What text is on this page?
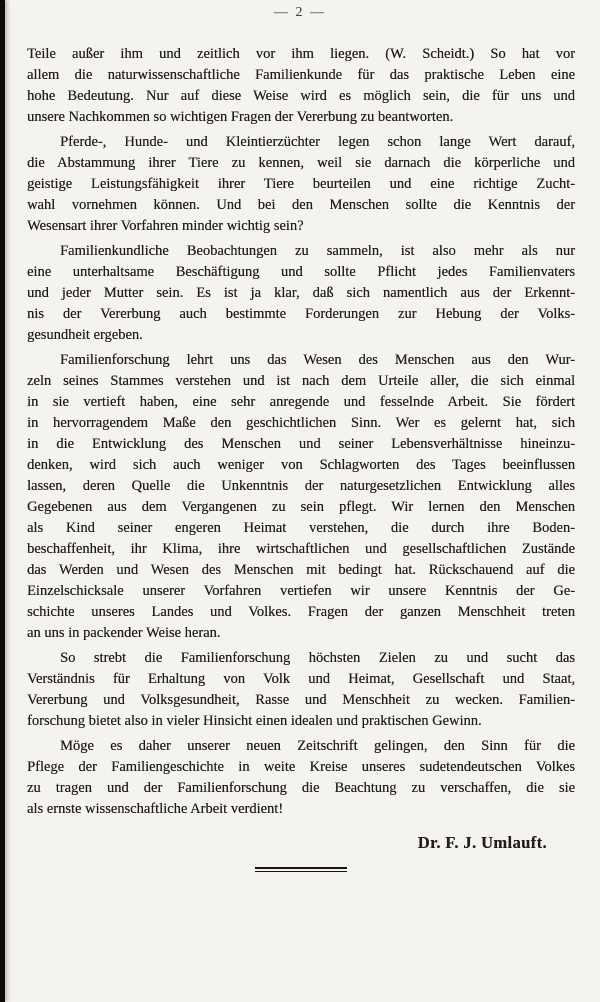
— 2 —

Teile außer ihm und zeitlich vor ihm liegen. (W. Scheidt.) So hat vor
allem die naturwissenschaftliche Familienkunde für das praktische Leben eine
hohe Bedeutung. Nur auf diese Weise wird es möglich sein, die für uns und
unsere Nachkommen so wichtigen Fragen der Vererbung zu beantworten.

Pferde-, Hunde- und Kleintierzüchter legen schon lange Wert darauf,
die Abstammung ihrer Tiere zu kennen, weil sie darnach die körperliche und
geistige Leistungsfähigkeit ihrer Tiere beurteilen und eine richtige Zucht-
wahl vornehmen können. Und bei den Menschen sollte die Kenntnis der
Wesensart ihrer Vorfahren minder wichtig sein?

Familienkundliche Beobachtungen zu sammeln, ist also mehr als nur
eine unterhaltsame Beschäftigung und sollte Pflicht jedes Familienvaters
und jeder Mutter sein. Es ist ja klar, daß sich namentlich aus der Erkennt-
nis der Vererbung auch bestimmte Forderungen zur Hebung der Volks-
gesundheit ergeben.

Familienforschung lehrt uns das Wesen des Menschen aus den Wur-
zeln seines Stammes verstehen und ist nach dem Urteile aller, die sich einmal
in sie vertieft haben, eine sehr anregende und fesselnde Arbeit. Sie fördert
in hervorragendem Maße den geschichtlichen Sinn. Wer es gelernt hat, sich
in die Entwicklung des Menschen und seiner Lebensverhältnisse hineinzu-
denken, wird sich auch weniger von Schlagworten des Tages beeinflussen
lassen, deren Quelle die Unkenntnis der naturgesetzlichen Entwicklung alles
Gegebenen aus dem Vergangenen zu sein pflegt. Wir lernen den Menschen
als Kind seiner engeren Heimat verstehen, die durch ihre Boden-
beschaffenheit, ihr Klima, ihre wirtschaftlichen und gesellschaftlichen Zustände
das Werden und Wesen des Menschen mit bedingt hat. Rückschauend auf die
Einzelschicksale unserer Vorfahren vertiefen wir unsere Kenntnis der Ge-
schichte unseres Landes und Volkes. Fragen der ganzen Menschheit treten
an uns in packender Weise heran.

So strebt die Familienforschung höchsten Zielen zu und sucht das
Verständnis für Erhaltung von Volk und Heimat, Gesellschaft und Staat,
Vererbung und Volksgesundheit, Rasse und Menschheit zu wecken. Familien-
forschung bietet also in vieler Hinsicht einen idealen und praktischen Gewinn.

Möge es daher unserer neuen Zeitschrift gelingen, den Sinn für die
Pflege der Familiengeschichte in weite Kreise unseres sudetendeutschen Volkes
zu tragen und der Familienforschung die Beachtung zu verschaffen, die sie
als ernste wissenschaftliche Arbeit verdient!

Dr. F. J. Umlauft.
